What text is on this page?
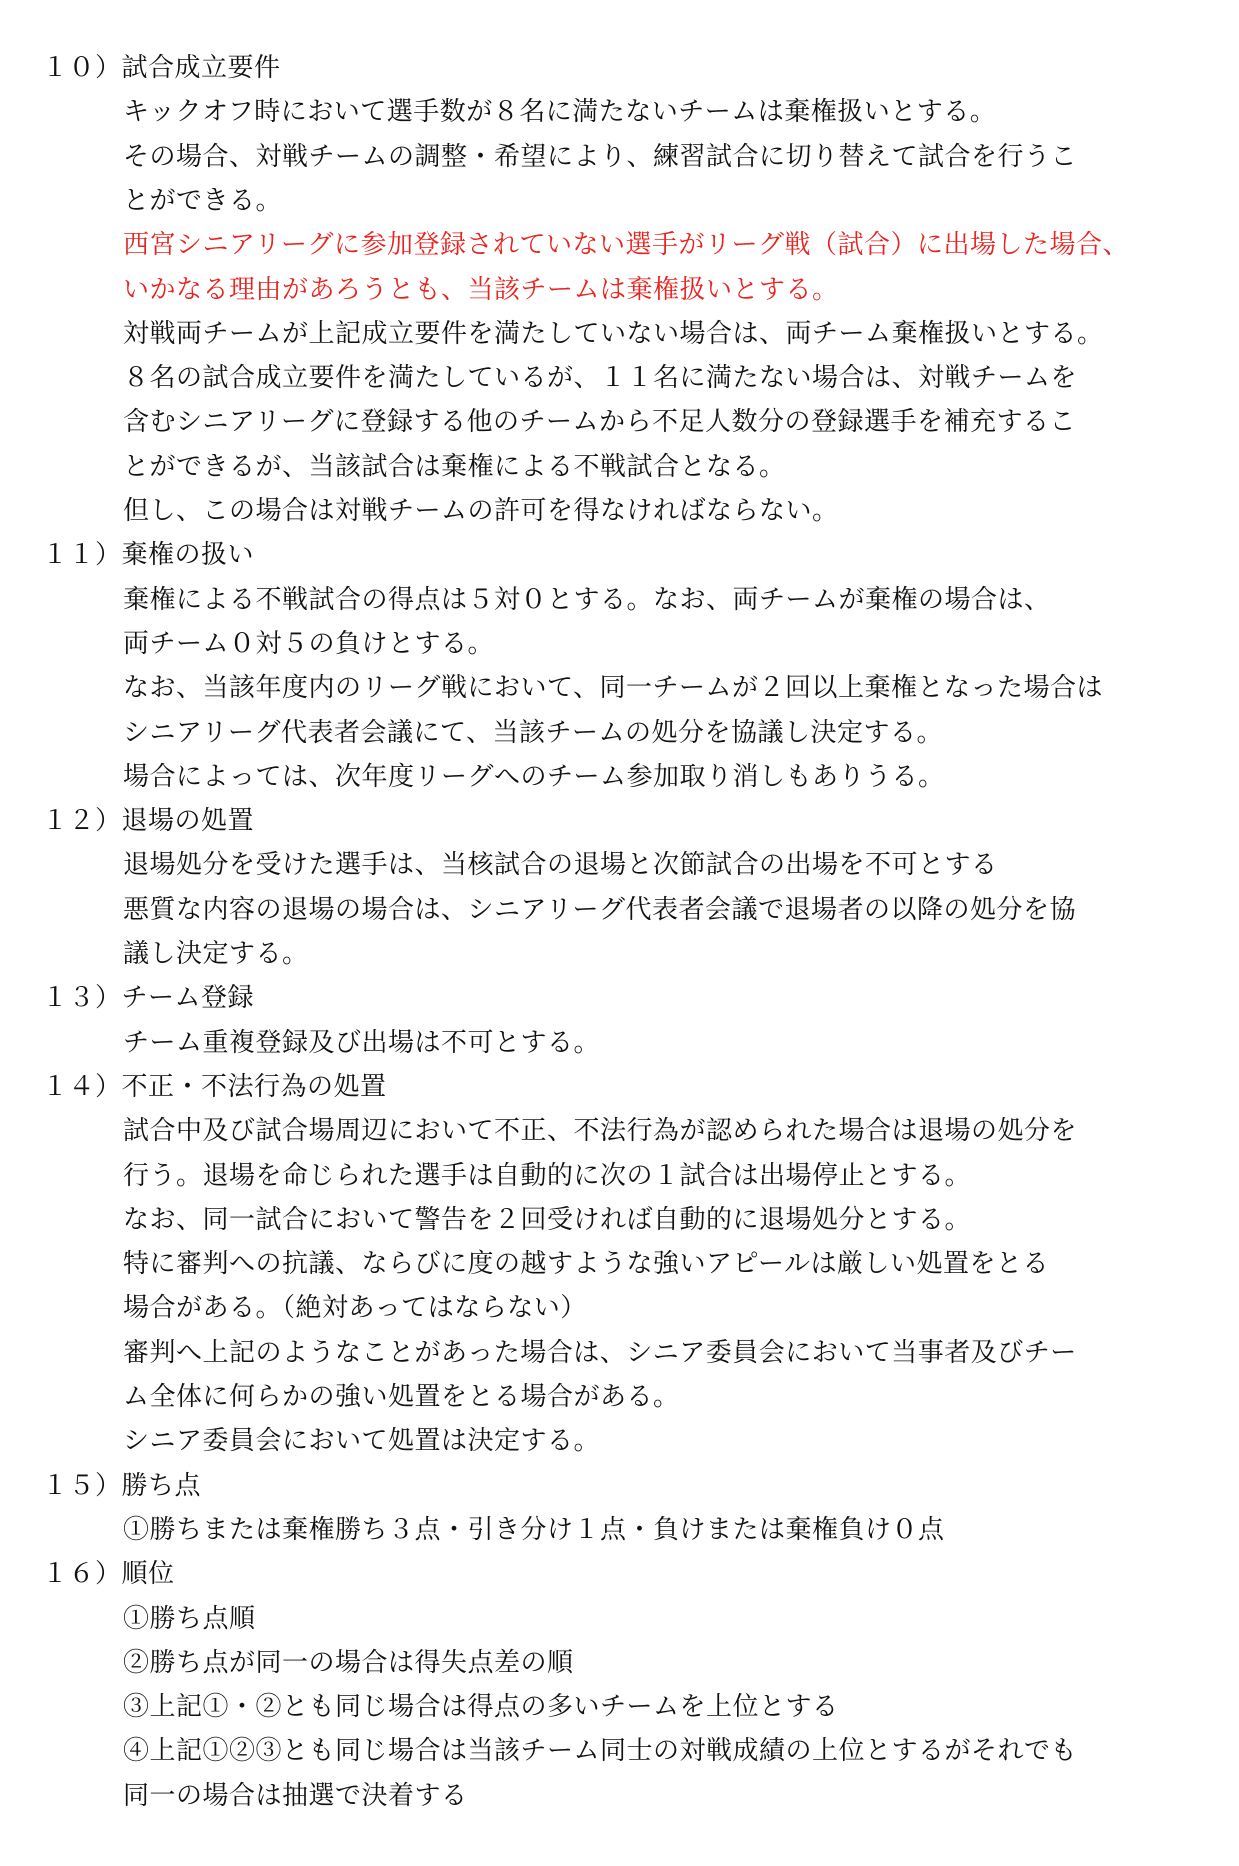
１０）試合成立要件
キックオフ時において選手数が８名に満たないチームは棄権扱いとする。
その場合、対戦チームの調整・希望により、練習試合に切り替えて試合を行うこ
とができる。
西宮シニアリーグに参加登録されていない選手がリーグ戦（試合）に出場した場合、
いかなる理由があろうとも、当該チームは棄権扱いとする。
対戦両チームが上記成立要件を満たしていない場合は、両チーム棄権扱いとする。
８名の試合成立要件を満たしているが、１１名に満たない場合は、対戦チームを
含むシニアリーグに登録する他のチームから不足人数分の登録選手を補充するこ
とができるが、当該試合は棄権による不戦試合となる。
但し、この場合は対戦チームの許可を得なければならない。
１１）棄権の扱い
棄権による不戦試合の得点は５対０とする。なお、両チームが棄権の場合は、
両チーム０対５の負けとする。
なお、当該年度内のリーグ戦において、同一チームが２回以上棄権となった場合は
シニアリーグ代表者会議にて、当該チームの処分を協議し決定する。
場合によっては、次年度リーグへのチーム参加取り消しもありうる。
１２）退場の処置
退場処分を受けた選手は、当核試合の退場と次節試合の出場を不可とする
悪質な内容の退場の場合は、シニアリーグ代表者会議で退場者の以降の処分を協
議し決定する。
１３）チーム登録
チーム重複登録及び出場は不可とする。
１４）不正・不法行為の処置
試合中及び試合場周辺において不正、不法行為が認められた場合は退場の処分を
行う。退場を命じられた選手は自動的に次の１試合は出場停止とする。
なお、同一試合において警告を２回受ければ自動的に退場処分とする。
特に審判への抗議、ならびに度の越すような強いアピールは厳しい処置をとる
場合がある。（絶対あってはならない）
審判へ上記のようなことがあった場合は、シニア委員会において当事者及びチー
ム全体に何らかの強い処置をとる場合がある。
シニア委員会において処置は決定する。
１５）勝ち点
①勝ちまたは棄権勝ち３点・引き分け１点・負けまたは棄権負け０点
１６）順位
①勝ち点順
②勝ち点が同一の場合は得失点差の順
③上記①・②とも同じ場合は得点の多いチームを上位とする
④上記①②③とも同じ場合は当該チーム同士の対戦成績の上位とするがそれでも
同一の場合は抽選で決着する
